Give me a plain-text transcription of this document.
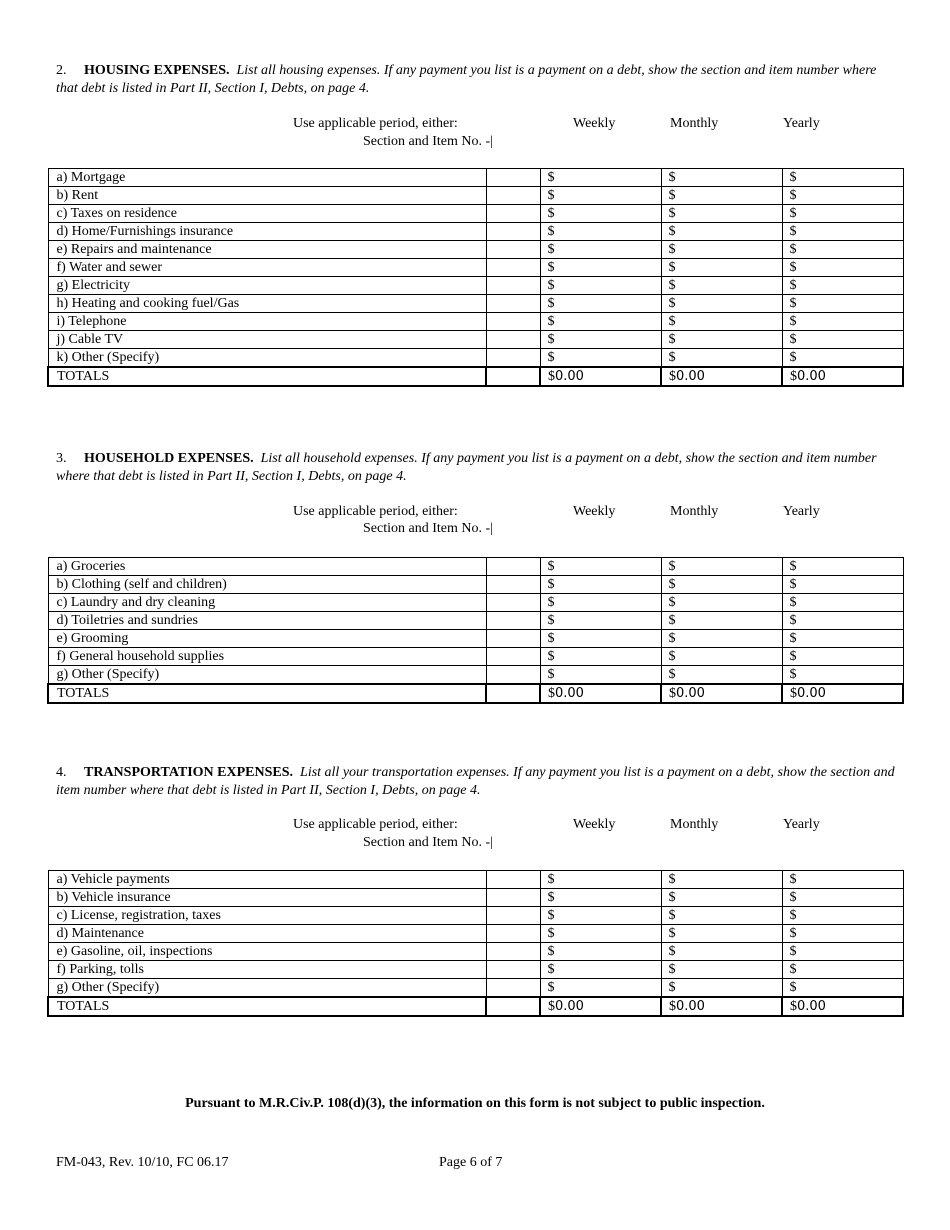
2. HOUSING EXPENSES. List all housing expenses. If any payment you list is a payment on a debt, show the section and item number where that debt is listed in Part II, Section I, Debts, on page 4.
Use applicable period, either:	Weekly	Monthly	Yearly
Section and Item No. -|
a) Mortgage		$	$	$
b) Rent		$	$	$
c) Taxes on residence		$	$	$
d) Home/Furnishings insurance		$	$	$
e) Repairs and maintenance		$	$	$
f) Water and sewer		$	$	$
g) Electricity		$	$	$
h) Heating and cooking fuel/Gas		$	$	$
i) Telephone		$	$	$
j) Cable TV		$	$	$
k) Other (Specify)		$	$	$
TOTALS		$0.00	$0.00	$0.00
3. HOUSEHOLD EXPENSES. List all household expenses. If any payment you list is a payment on a debt, show the section and item number where that debt is listed in Part II, Section I, Debts, on page 4.
Use applicable period, either:	Weekly	Monthly	Yearly
Section and Item No. -|
a) Groceries		$	$	$
b) Clothing (self and children)		$	$	$
c) Laundry and dry cleaning		$	$	$
d) Toiletries and sundries		$	$	$
e) Grooming		$	$	$
f) General household supplies		$	$	$
g) Other (Specify)		$	$	$
TOTALS		$0.00	$0.00	$0.00
4. TRANSPORTATION EXPENSES. List all your transportation expenses. If any payment you list is a payment on a debt, show the section and item number where that debt is listed in Part II, Section I, Debts, on page 4.
Use applicable period, either:	Weekly	Monthly	Yearly
Section and Item No. -|
a) Vehicle payments		$	$	$
b) Vehicle insurance		$	$	$
c) License, registration, taxes		$	$	$
d) Maintenance		$	$	$
e) Gasoline, oil, inspections		$	$	$
f) Parking, tolls		$	$	$
g) Other (Specify)		$	$	$
TOTALS		$0.00	$0.00	$0.00
Pursuant to M.R.Civ.P. 108(d)(3), the information on this form is not subject to public inspection.
FM-043, Rev. 10/10, FC 06.17	Page 6 of 7
